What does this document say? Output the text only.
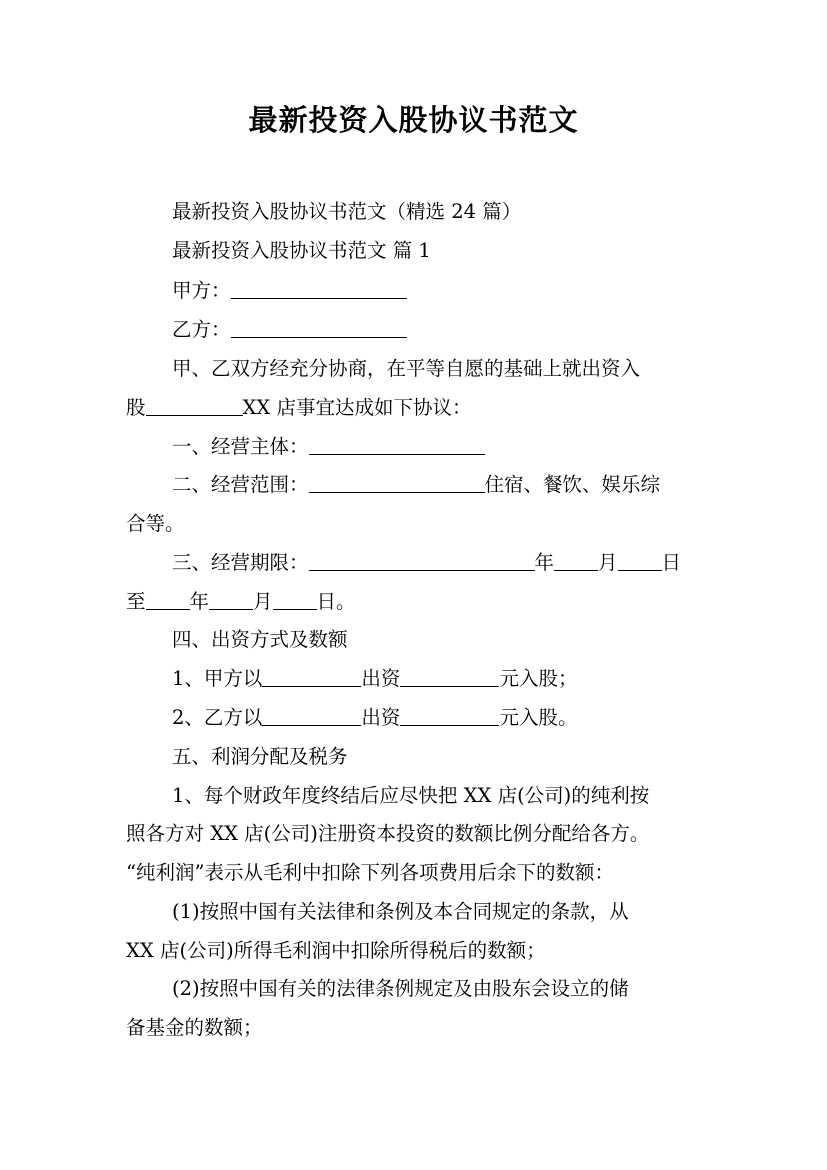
最新投资入股协议书范文
最新投资入股协议书范文（精选 24 篇）
最新投资入股协议书范文 篇 1
甲方：
乙方：
甲、乙双方经充分协商，在平等自愿的基础上就出资入
股	XX 店事宜达成如下协议：
一、经营主体：
二、经营范围：	住宿、餐饮、娱乐综
合等。
三、经营期限：	年 月 日
至 年 月 日。
四、出资方式及数额
1、甲方以	出资	元入股；
2、乙方以	出资	元入股。
五、利润分配及税务
1、每个财政年度终结后应尽快把 XX 店(公司)的纯利按
照各方对 XX 店(公司)注册资本投资的数额比例分配给各方。
“纯利润”表示从毛利中扣除下列各项费用后余下的数额：
(1)按照中国有关法律和条例及本合同规定的条款，从
XX 店(公司)所得毛利润中扣除所得税后的数额；
(2)按照中国有关的法律条例规定及由股东会设立的储
备基金的数额；
